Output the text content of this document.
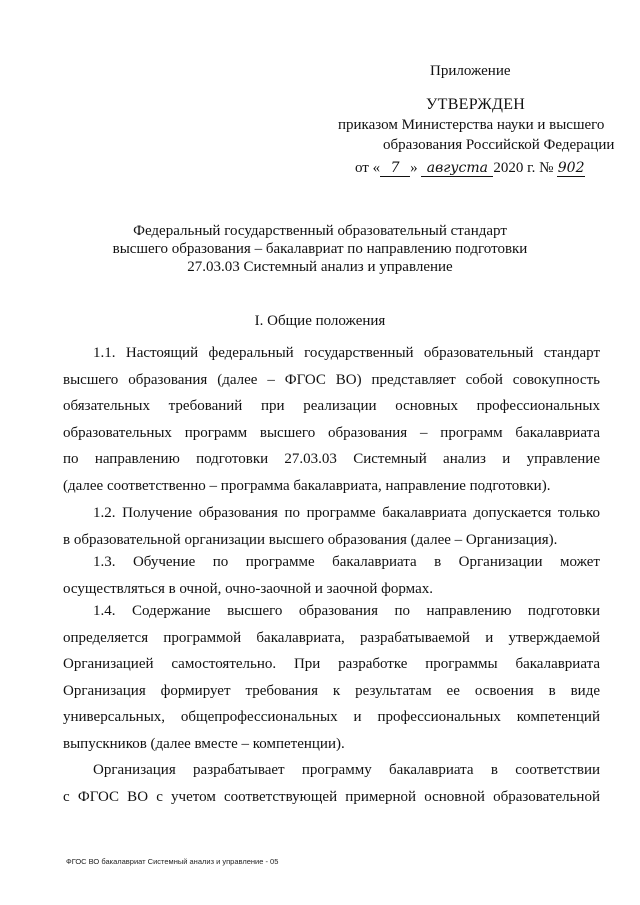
Приложение
УТВЕРЖДЕН
приказом Министерства науки и высшего
образования Российской Федерации
от « 7 » августа 2020 г. № 902
Федеральный государственный образовательный стандарт
высшего образования – бакалавриат по направлению подготовки
27.03.03 Системный анализ и управление
I. Общие положения
1.1. Настоящий федеральный государственный образовательный стандарт
высшего образования (далее – ФГОС ВО) представляет собой совокупность
обязательных требований при реализации основных профессиональных
образовательных программ высшего образования – программ бакалавриата
по направлению подготовки 27.03.03 Системный анализ и управление
(далее соответственно – программа бакалавриата, направление подготовки).
1.2. Получение образования по программе бакалавриата допускается только
в образовательной организации высшего образования (далее – Организация).
1.3. Обучение по программе бакалавриата в Организации может
осуществляться в очной, очно-заочной и заочной формах.
1.4. Содержание высшего образования по направлению подготовки
определяется программой бакалавриата, разрабатываемой и утверждаемой
Организацией самостоятельно. При разработке программы бакалавриата
Организация формирует требования к результатам ее освоения в виде
универсальных, общепрофессиональных и профессиональных компетенций
выпускников (далее вместе – компетенции).
Организация разрабатывает программу бакалавриата в соответствии
с ФГОС ВО с учетом соответствующей примерной основной образовательной
ФГОС ВО бакалавриат Системный анализ и управление - 05
